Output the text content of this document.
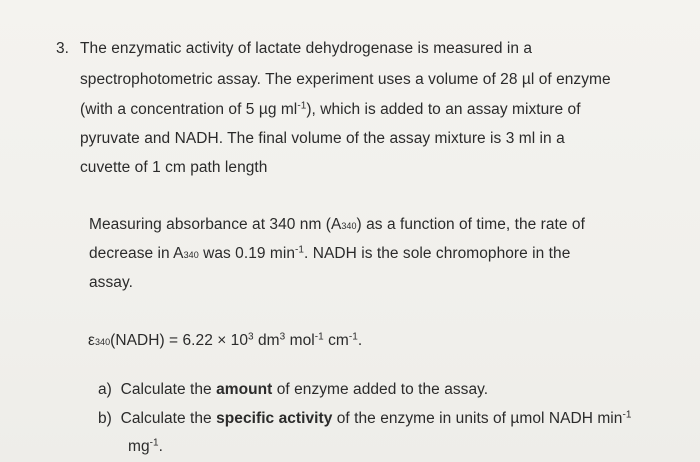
3. The enzymatic activity of lactate dehydrogenase is measured in a
spectrophotometric assay. The experiment uses a volume of 28 µl of enzyme
(with a concentration of 5 µg $ml^{-1}$), which is added to an assay mixture of
pyruvate and NADH. The final volume of the assay mixture is 3 ml in a
cuvette of 1 cm path length
Measuring absorbance at 340 nm (A340) as a function of time, the rate of
decrease in A340 was 0.19 $\min^{-1}$. NADH is the sole chromophore in the
assay.
ε340(NADH) = $6.22 \times 10^3$ $dm^3$ mol$^{-1}$ $cm^{-1}$.
a) Calculate the amount of enzyme added to the assay.
b) Calculate the specific activity of the enzyme in units of µmol NADH $\min^{-1}$
$mg^{-1}$.
